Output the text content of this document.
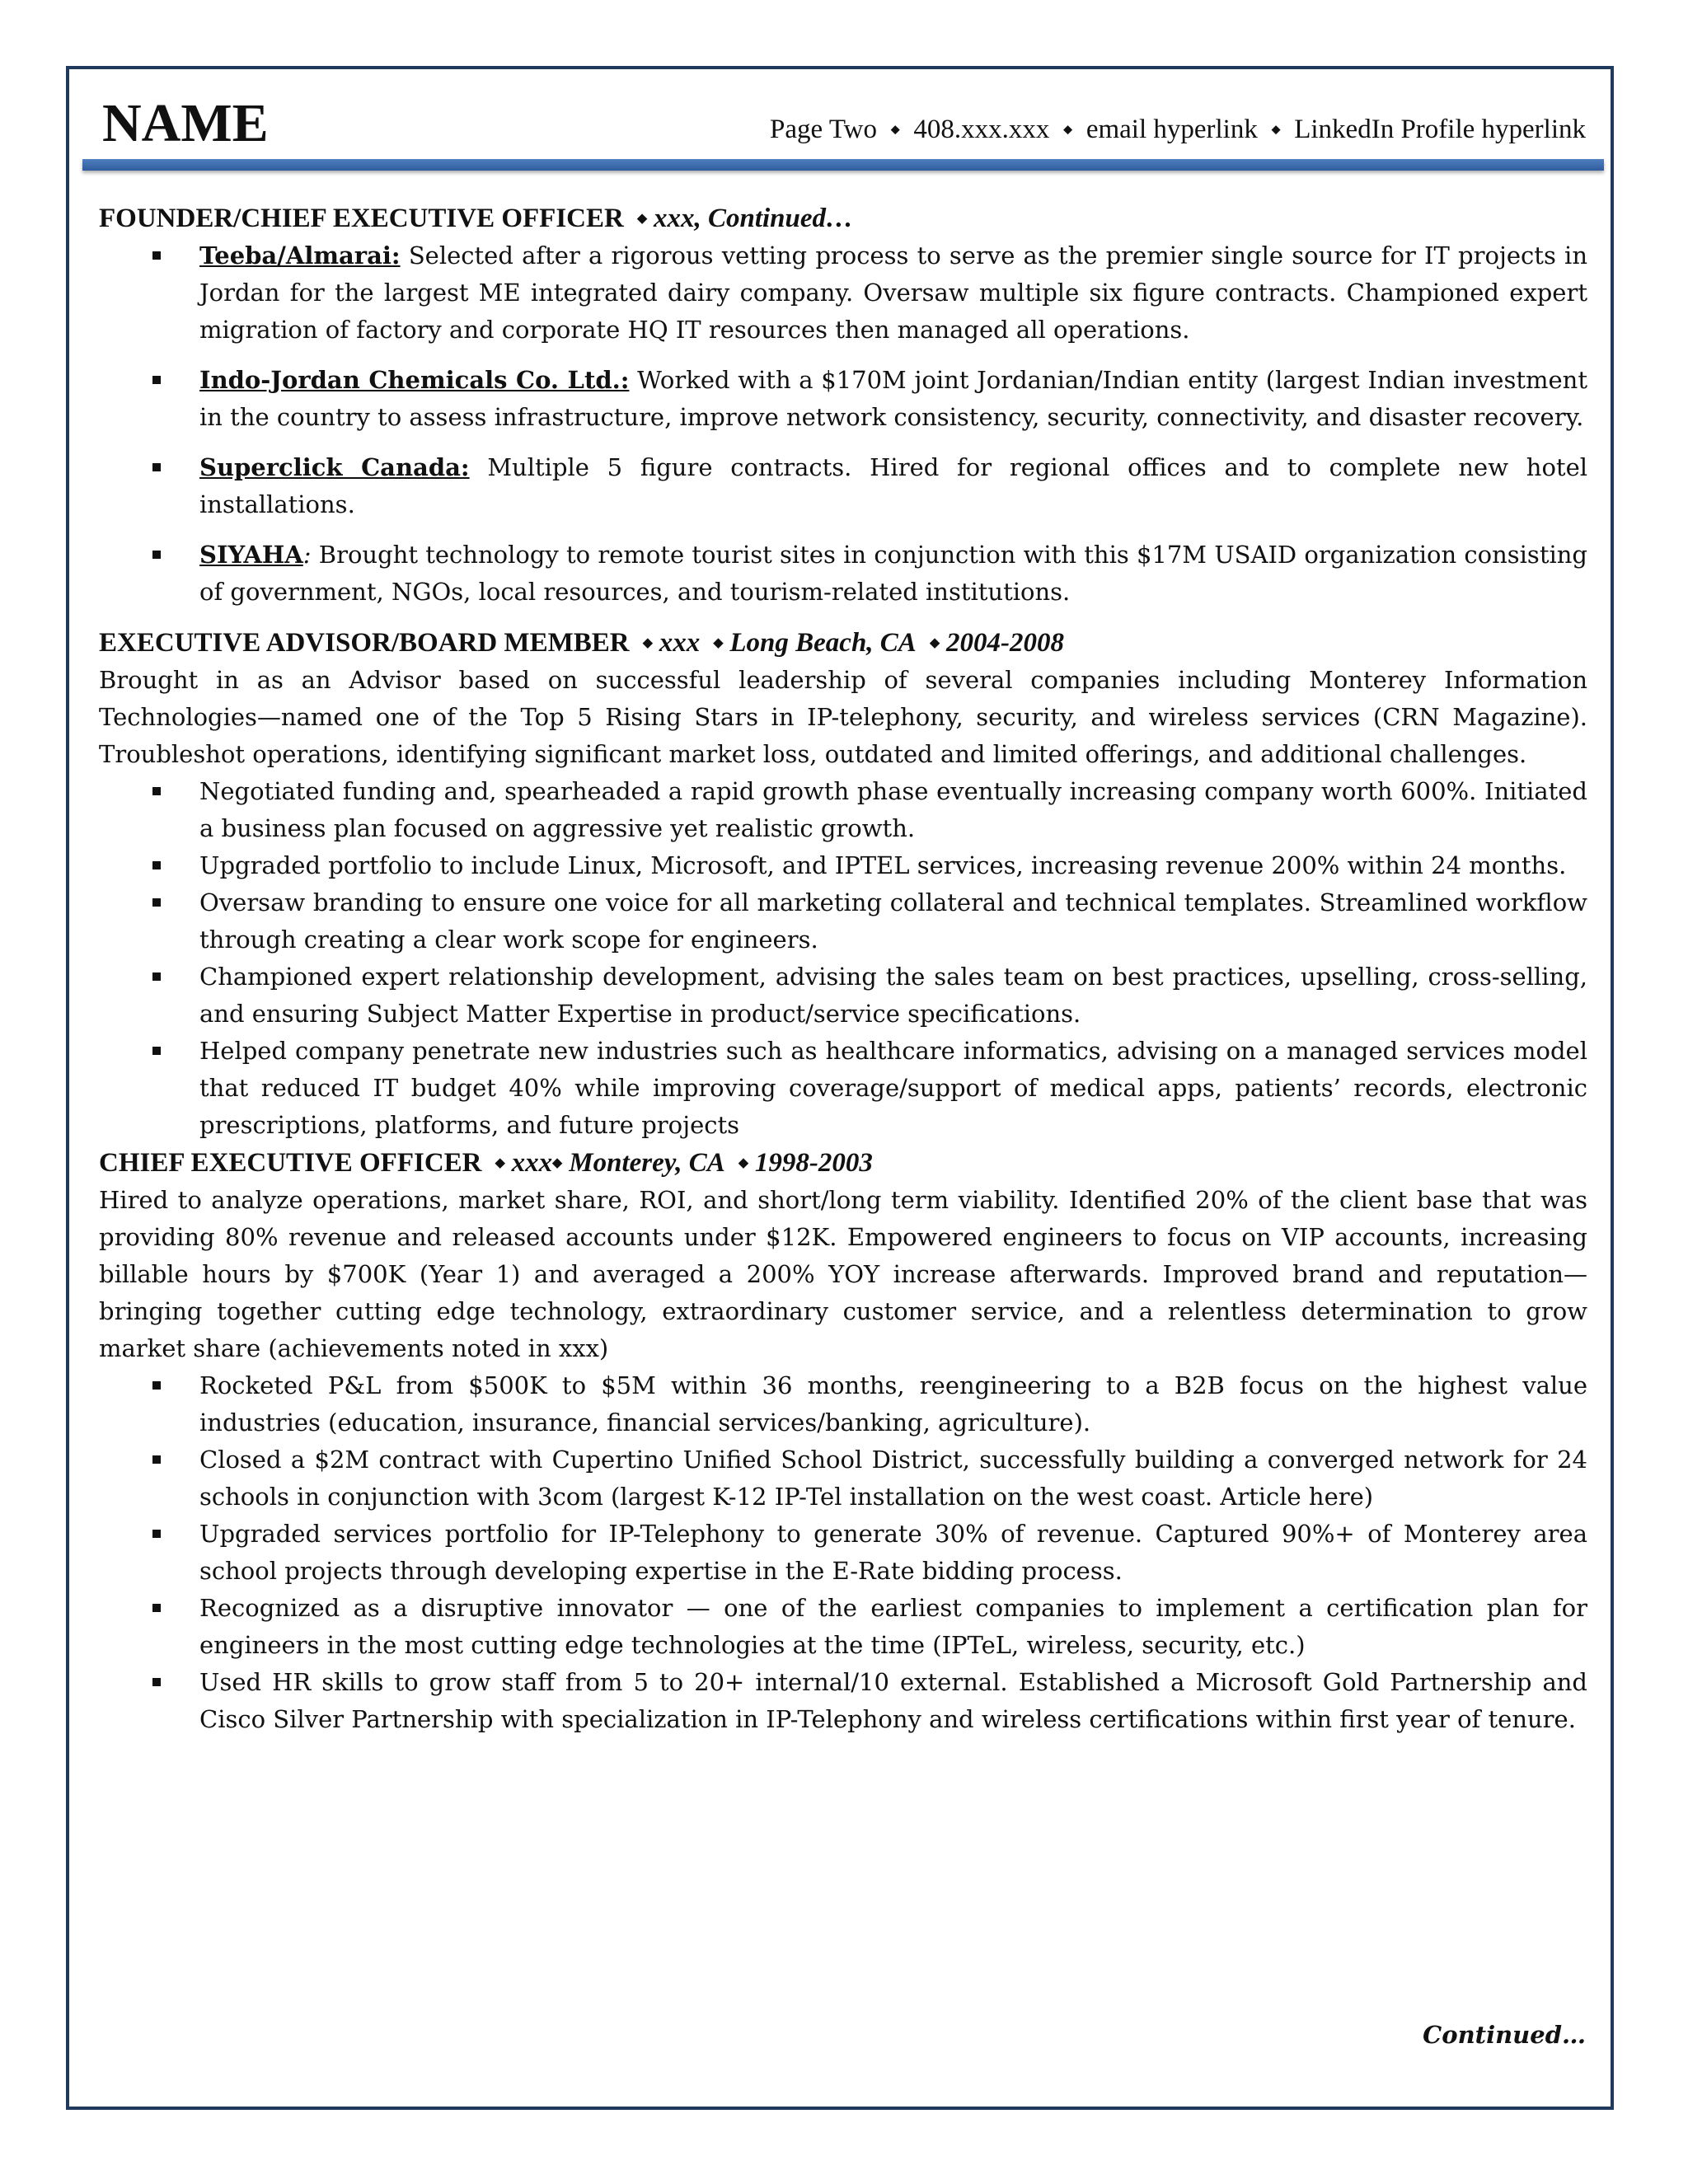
NAME	Page Two ⬩ 408.xxx.xxx ⬩ email hyperlink ⬩ LinkedIn Profile hyperlink

FOUNDER/CHIEF EXECUTIVE OFFICER ⬩ xxx, Continued…

Teeba/Almarai: Selected after a rigorous vetting process to serve as the premier single source for IT projects in Jordan for the largest ME integrated dairy company. Oversaw multiple six figure contracts. Championed expert migration of factory and corporate HQ IT resources then managed all operations.
Indo-Jordan Chemicals Co. Ltd.: Worked with a $170M joint Jordanian/Indian entity (largest Indian investment in the country to assess infrastructure, improve network consistency, security, connectivity, and disaster recovery.
Superclick Canada: Multiple 5 figure contracts. Hired for regional offices and to complete new hotel installations.
SIYAHA: Brought technology to remote tourist sites in conjunction with this $17M USAID organization consisting of government, NGOs, local resources, and tourism-related institutions.

EXECUTIVE ADVISOR/BOARD MEMBER ⬩ xxx ⬩ Long Beach, CA ⬩ 2004-2008

Brought in as an Advisor based on successful leadership of several companies including Monterey Information Technologies—named one of the Top 5 Rising Stars in IP-telephony, security, and wireless services (CRN Magazine). Troubleshot operations, identifying significant market loss, outdated and limited offerings, and additional challenges.

Negotiated funding and, spearheaded a rapid growth phase eventually increasing company worth 600%. Initiated a business plan focused on aggressive yet realistic growth.
Upgraded portfolio to include Linux, Microsoft, and IPTEL services, increasing revenue 200% within 24 months.
Oversaw branding to ensure one voice for all marketing collateral and technical templates. Streamlined workflow through creating a clear work scope for engineers.
Championed expert relationship development, advising the sales team on best practices, upselling, cross-selling, and ensuring Subject Matter Expertise in product/service specifications.
Helped company penetrate new industries such as healthcare informatics, advising on a managed services model that reduced IT budget 40% while improving coverage/support of medical apps, patients’ records, electronic prescriptions, platforms, and future projects

CHIEF EXECUTIVE OFFICER ⬩ xxx⬩ Monterey, CA ⬩ 1998-2003

Hired to analyze operations, market share, ROI, and short/long term viability. Identified 20% of the client base that was providing 80% revenue and released accounts under $12K. Empowered engineers to focus on VIP accounts, increasing billable hours by $700K (Year 1) and averaged a 200% YOY increase afterwards. Improved brand and reputation—bringing together cutting edge technology, extraordinary customer service, and a relentless determination to grow market share (achievements noted in xxx)

Rocketed P&L from $500K to $5M within 36 months, reengineering to a B2B focus on the highest value industries (education, insurance, financial services/banking, agriculture).
Closed a $2M contract with Cupertino Unified School District, successfully building a converged network for 24 schools in conjunction with 3com (largest K-12 IP-Tel installation on the west coast. Article here)
Upgraded services portfolio for IP-Telephony to generate 30% of revenue. Captured 90%+ of Monterey area school projects through developing expertise in the E-Rate bidding process.
Recognized as a disruptive innovator — one of the earliest companies to implement a certification plan for engineers in the most cutting edge technologies at the time (IPTeL, wireless, security, etc.)
Used HR skills to grow staff from 5 to 20+ internal/10 external. Established a Microsoft Gold Partnership and Cisco Silver Partnership with specialization in IP-Telephony and wireless certifications within first year of tenure.
Continued…
